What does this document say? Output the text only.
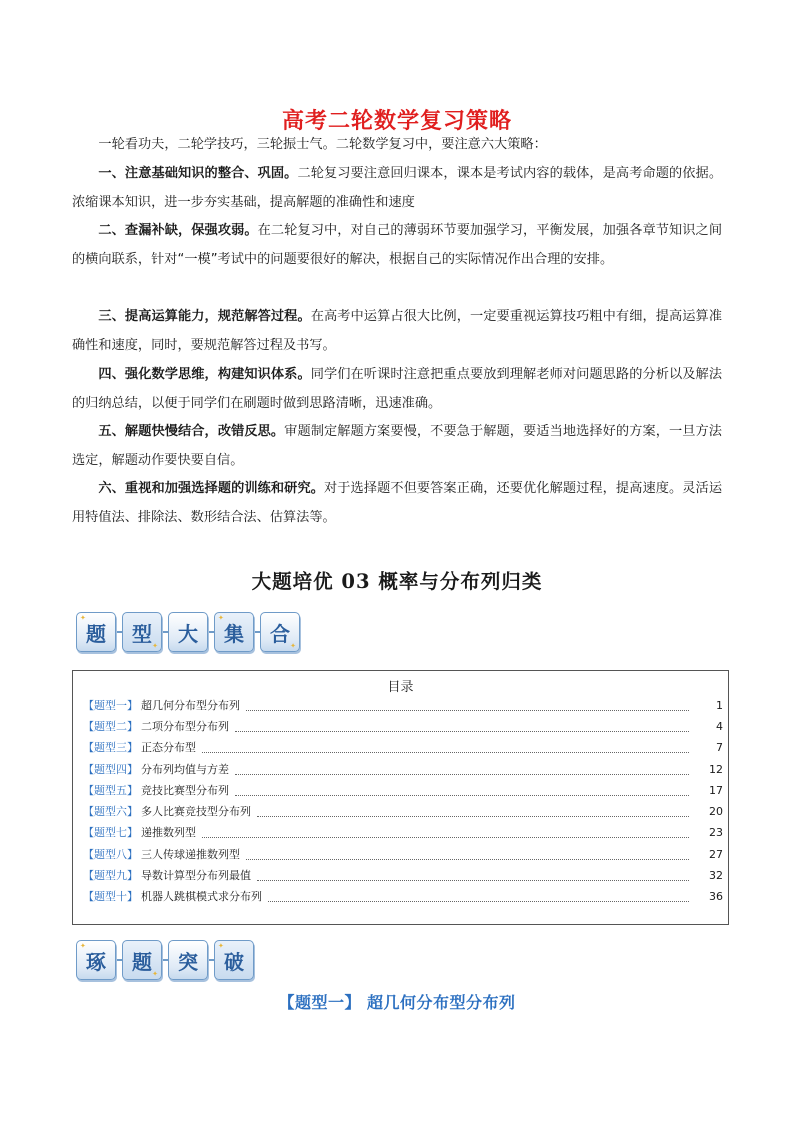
高考二轮数学复习策略
一轮看功夫，二轮学技巧，三轮振士气。二轮数学复习中，要注意六大策略：
一、注意基础知识的整合、巩固。二轮复习要注意回归课本，课本是考试内容的载体，是高考命题的依据。浓缩课本知识，进一步夯实基础，提高解题的准确性和速度
二、查漏补缺，保强攻弱。在二轮复习中，对自己的薄弱环节要加强学习，平衡发展，加强各章节知识之间的横向联系，针对“一模”考试中的问题要很好的解决，根据自己的实际情况作出合理的安排。
三、提高运算能力，规范解答过程。在高考中运算占很大比例，一定要重视运算技巧粗中有细，提高运算准确性和速度，同时，要规范解答过程及书写。
四、强化数学思维，构建知识体系。同学们在听课时注意把重点要放到理解老师对问题思路的分析以及解法的归纳总结，以便于同学们在刷题时做到思路清晰，迅速准确。
五、解题快慢结合，改错反思。审题制定解题方案要慢，不要急于解题，要适当地选择好的方案，一旦方法选定，解题动作要快要自信。
六、重视和加强选择题的训练和研究。对于选择题不但要答案正确，还要优化解题过程，提高速度。灵活运用特值法、排除法、数形结合法、估算法等。
大题培优 03 概率与分布列归类
✦
题 型
✦
大
✦
集 合
✦
目录
【题型一】 超几何分布型分布列	1
【题型二】 二项分布型分布列	4
【题型三】 正态分布型	7
【题型四】 分布列均值与方差	12
【题型五】 竞技比赛型分布列	17
【题型六】 多人比赛竞技型分布列	20
【题型七】 递推数列型	23
【题型八】 三人传球递推数列型	27
【题型九】 导数计算型分布列最值	32
【题型十】 机器人跳棋模式求分布列	36
✦
琢 题
✦
突
✦
破
【题型一】 超几何分布型分布列
